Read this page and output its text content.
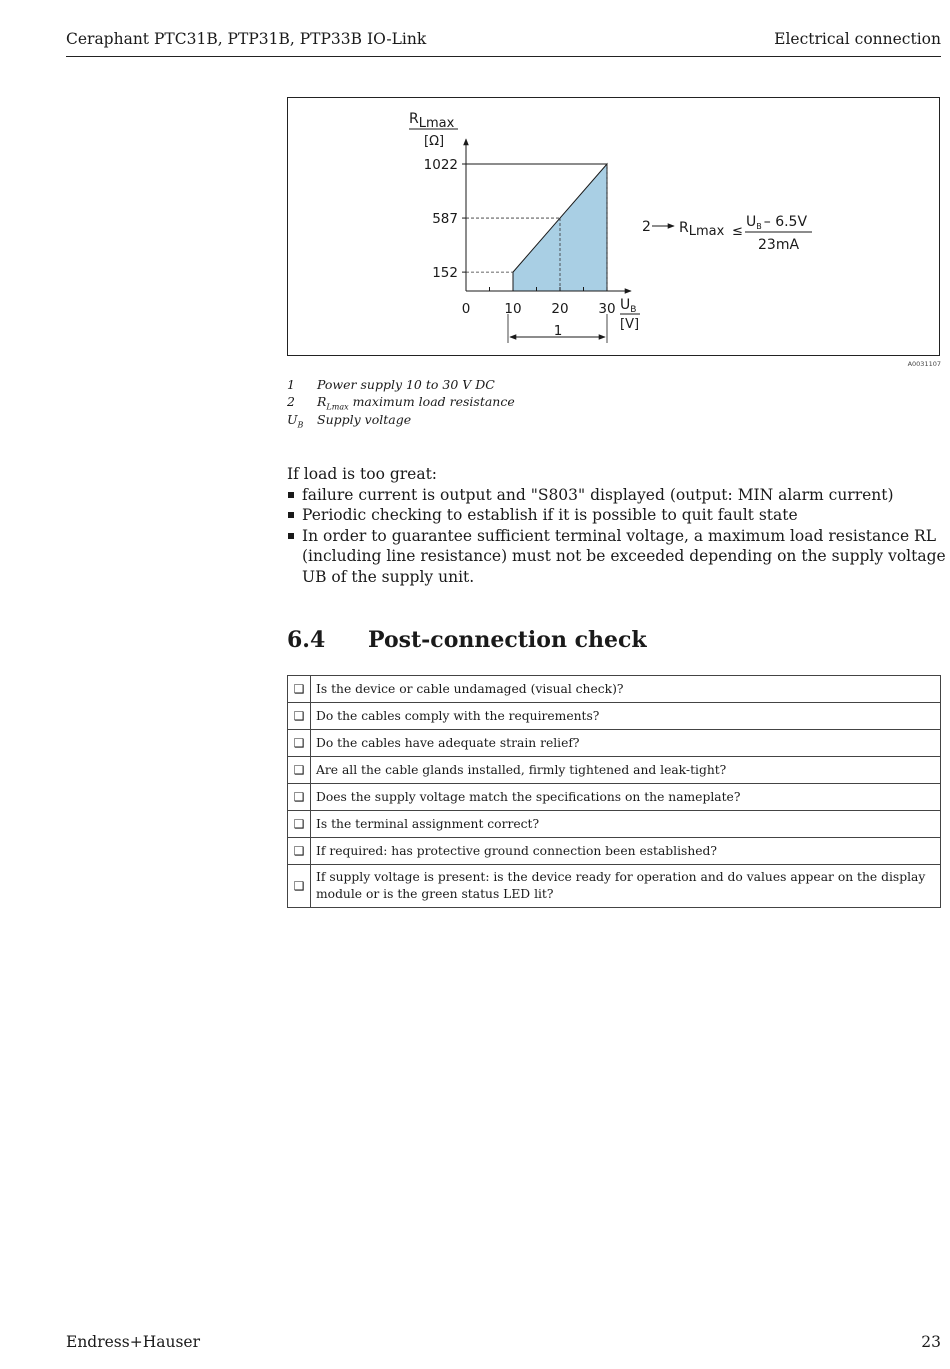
Ceraphant PTC31B, PTP31B, PTP33B IO-Link	Electrical connection
RLmax
[Ω]
1022
587
152
0	10 20 30 $U_B$
[V]
1
2 RLmax ≤
$U_B - 6.5V$
23mA
A0031107
1 Power supply 10 to 30 V DC
2 $R_{Lmax}$ maximum load resistance
$U_B$ Supply voltage
If load is too great:
failure current is output and "S803" displayed (output: MIN alarm current)
Periodic checking to establish if it is possible to quit fault state
In order to guarantee sufficient terminal voltage, a maximum load resistance RL (including line resistance) must not be exceeded depending on the supply voltage UB of the supply unit.
6.4 Post-connection check
❑	Is the device or cable undamaged (visual check)?
❑	Do the cables comply with the requirements?
❑	Do the cables have adequate strain relief?
❑	Are all the cable glands installed, firmly tightened and leak-tight?
❑	Does the supply voltage match the specifications on the nameplate?
❑	Is the terminal assignment correct?
❑	If required: has protective ground connection been established?
❑	If supply voltage is present: is the device ready for operation and do values appear on the display module or is the green status LED lit?
Endress+Hauser	23
